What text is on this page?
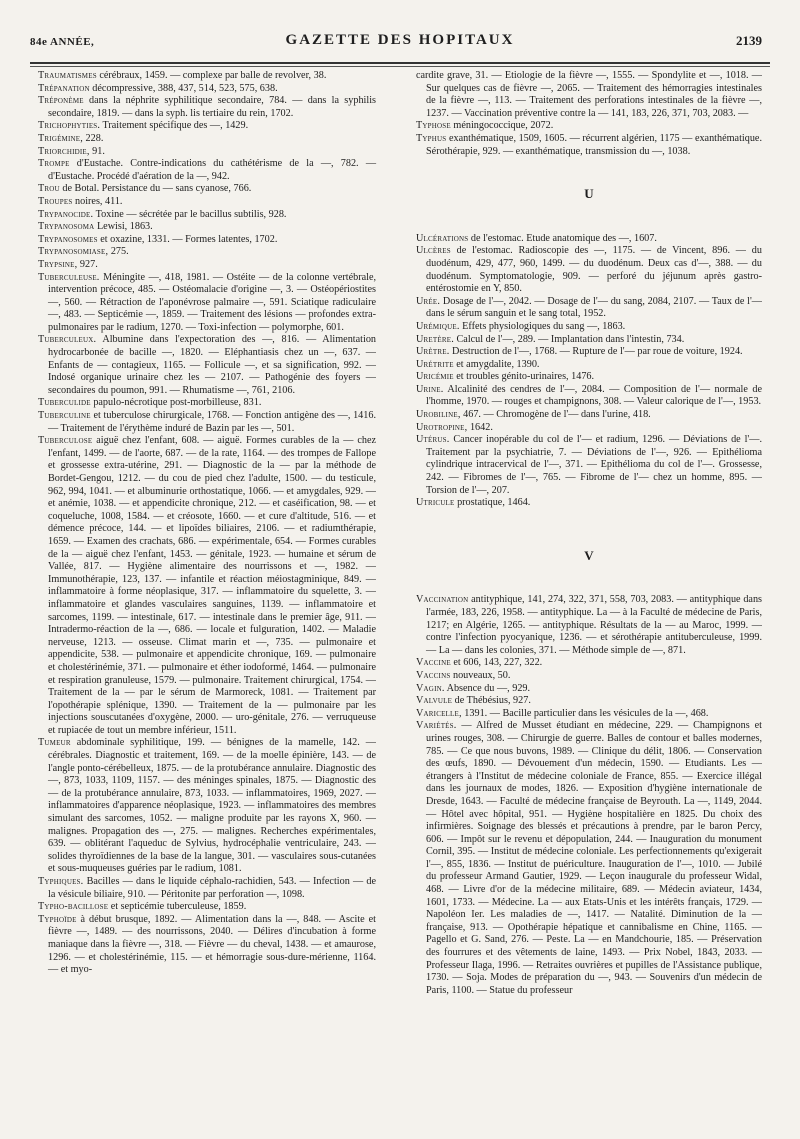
84e ANNÉE,	GAZETTE DES HOPITAUX	2139

Traumatismes cérébraux, 1459. — complexe par balle de revolver, 38.

Trépanation décompressive, 388, 437, 514, 523, 575, 638.

Tréponème dans la néphrite syphilitique secondaire, 784. — dans la syphilis secondaire, 1819. — dans la syph. lis tertiaire du rein, 1702.

Trichophyties. Traitement spécifique des —, 1429.

Trigémine, 228.

Triorchidie, 91.

Trompe d'Eustache. Contre-indications du cathétérisme de la —, 782. — d'Eustache. Procédé d'aération de la —, 942.

Trou de Botal. Persistance du — sans cyanose, 766.

Troupes noires, 411.

Trypanocide. Toxine — sécrétée par le bacillus subtilis, 928.

Trypanosoma Lewisi, 1863.

Trypanosomes et oxazine, 1331. — Formes latentes, 1702.

Trypanosomiase, 275.

Trypsine, 927.

Tuberculeuse. Méningite —, 418, 1981. — Ostéite — de la colonne vertébrale, intervention précoce, 485. — Ostéomalacie d'origine —, 3. — Ostéopériostites —, 560. — Rétraction de l'aponévrose palmaire —, 591. Sciatique radiculaire —, 483. — Septicémie —, 1859. — Traitement des lésions — profondes extra-pulmonaires par le radium, 1270. — Toxi-infection — polymorphe, 601.

Tuberculeux. Albumine dans l'expectoration des —, 816. — Alimentation hydrocarbonée de bacille —, 1820. — Eléphantiasis chez un —, 637. — Enfants de — contagieux, 1165. — Follicule —, et sa signification, 992. — Indosé organique urinaire chez les — 2107. — Pathogénie des foyers — secondaires du poumon, 991. — Rhumatisme —, 761, 2106.

Tuberculide papulo-nécrotique post-morbilleuse, 831.

Tuberculine et tuberculose chirurgicale, 1768. — Fonction antigène des —, 1416. — Traitement de l'érythème induré de Bazin par les —, 501.

Tuberculose aiguë chez l'enfant, 608. — aiguë. Formes curables de la — chez l'enfant, 1499. — de l'aorte, 687. — de la rate, 1164. — des trompes de Fallope et grossesse extra-utérine, 291. — Diagnostic de la — par la méthode de Bordet-Gengou, 1212. — du cou de pied chez l'adulte, 1500. — du testicule, 962, 994, 1041. — et albuminurie orthostatique, 1066. — et amygdales, 929. — et anémie, 1038. — et appendicite chronique, 212. — et caséification, 98. — et coqueluche, 1008, 1584. — et créosote, 1660. — et cure d'altitude, 516. — et démence précoce, 144. — et lipoïdes biliaires, 2106. — et radiumthérapie, 1659. — Examen des crachats, 686. — expérimentale, 654. — Formes curables de la — aiguë chez l'enfant, 1453. — génitale, 1923. — humaine et sérum de Vallée, 817. — Hygiène alimentaire des nourrissons et —, 1982. — Immunothérapie, 123, 137. — infantile et réaction méiostagminique, 849. — inflammatoire à forme néoplasique, 317. — inflammatoire du squelette, 3. — inflammatoire et glandes vasculaires sanguines, 1139. — inflammatoire et sarcomes, 1199. — intestinale, 617. — intestinale dans le premier âge, 911. — Intradermo-réaction de la —, 686. — locale et fulguration, 1402. — Maladie nerveuse, 1213. — osseuse. Climat marin et —, 735. — pulmonaire et appendicite, 538. — pulmonaire et appendicite chronique, 169. — pulmonaire et cholestérinémie, 371. — pulmonaire et éther iodoformé, 1464. — pulmonaire et respiration granuleuse, 1579. — pulmonaire. Traitement chirurgical, 1754. — Traitement de la — par le sérum de Marmoreck, 1081. — Traitement par l'opothérapie splénique, 1390. — Traitement de la — pulmonaire par les injections souscutanées d'oxygène, 2000. — uro-génitale, 276. — verruqueuse et rupiacée de tout un membre inférieur, 1511.

Tumeur abdominale syphilitique, 199. — bénignes de la mamelle, 142. — cérébrales. Diagnostic et traitement, 169. — de la moelle épinière, 143. — de l'angle ponto-cérébelleux, 1875. — de la protubérance annulaire. Diagnostic des —, 873, 1033, 1109, 1157. — des méninges spinales, 1875. — Diagnostic des — de la protubérance annulaire, 873, 1033. — inflammatoires, 1969, 2027. — inflammatoires d'apparence néoplasique, 1923. — inflammatoires des membres simulant des sarcomes, 1052. — maligne produite par les rayons X, 960. — malignes. Propagation des —, 275. — malignes. Recherches expérimentales, 639. — oblitérant l'aqueduc de Sylvius, hydrocéphalie ventriculaire, 243. — solides thyroïdiennes de la base de la langue, 301. — vasculaires sous-cutanées et sous-muqueuses guéries par le radium, 1081.

Typhiques. Bacilles — dans le liquide céphalo-rachidien, 543. — Infection — de la vésicule biliaire, 910. — Péritonite par perforation —, 1098.

Typho-bacillose et septicémie tuberculeuse, 1859.

Typhoïde à début brusque, 1892. — Alimentation dans la —, 848. — Ascite et fièvre —, 1489. — des nourrissons, 2040. — Délires d'incubation à forme maniaque dans la fièvre —, 318. — Fièvre — du cheval, 1438. — et amaurose, 1296. — et cholestérinémie, 115. — et hémorragie sous-dure-mérienne, 1164. — et myo-

cardite grave, 31. — Etiologie de la fièvre —, 1555. — Spondylite et —, 1018. — Sur quelques cas de fièvre —, 2065. — Traitement des hémorragies intestinales de la fièvre —, 113. — Traitement des perforations intestinales de la fièvre —, 1237. — Vaccination préventive contre la — 141, 183, 226, 371, 703, 2083. —

Typhose méningococcique, 2072.

Typhus exanthématique, 1509, 1605. — récurrent algérien, 1175 — exanthématique. Sérothérapie, 929. — exanthématique, transmission du —, 1038.

U

Ulcérations de l'estomac. Etude anatomique des —, 1607.

Ulcères de l'estomac. Radioscopie des —, 1175. — de Vincent, 896. — du duodénum, 429, 477, 960, 1499. — du duodénum. Deux cas d'—, 388. — du duodénum. Symptomatologie, 909. — perforé du jéjunum après gastro-entérostomie en Y, 850.

Urée. Dosage de l'—, 2042. — Dosage de l'— du sang, 2084, 2107. — Taux de l'— dans le sérum sanguin et le sang total, 1952.

Urémique. Effets physiologiques du sang —, 1863.

Uretère. Calcul de l'—, 289. — Implantation dans l'intestin, 734.

Urètre. Destruction de l'—, 1768. — Rupture de l'— par roue de voiture, 1924.

Urétrite et amygdalite, 1390.

Uricémie et troubles génito-urinaires, 1476.

Urine. Alcalinité des cendres de l'—, 2084. — Composition de l'— normale de l'homme, 1970. — rouges et champignons, 308. — Valeur calorique de l'—, 1953.

Urobiline, 467. — Chromogène de l'— dans l'urine, 418.

Urotropine, 1642.

Utérus. Cancer inopérable du col de l'— et radium, 1296. — Déviations de l'—. Traitement par la psychiatrie, 7. — Déviations de l'—, 926. — Epithélioma cylindrique intracervical de l'—, 371. — Epithélioma du col de l'—. Grossesse, 242. — Fibromes de l'—, 765. — Fibrome de l'— chez un homme, 895. — Torsion de l'—, 207.

Utricule prostatique, 1464.

V

Vaccination antityphique, 141, 274, 322, 371, 558, 703, 2083. — antityphique dans l'armée, 183, 226, 1958. — antityphique. La — à la Faculté de médecine de Paris, 1217; en Algérie, 1265. — antityphique. Résultats de la — au Maroc, 1999. — contre l'infection pyocyanique, 1236. — et sérothérapie antituberculeuse, 1999. — La — dans les colonies, 371. — Méthode simple de —, 871.

Vaccine et 606, 143, 227, 322.

Vaccins nouveaux, 50.

Vagin. Absence du —, 929.

Valvule de Thébésius, 927.

Varicelle, 1391. — Bacille particulier dans les vésicules de la —, 468.

Variétés. — Alfred de Musset étudiant en médecine, 229. — Champignons et urines rouges, 308. — Chirurgie de guerre. Balles de contour et balles modernes, 785. — Ce que nous buvons, 1989. — Clinique du délit, 1806. — Conservation des œufs, 1890. — Dévouement d'un médecin, 1590. — Etudiants. Les — étrangers à l'Institut de médecine coloniale de France, 855. — Exercice illégal dans les journaux de modes, 1826. — Exposition d'hygiène internationale de Dresde, 1643. — Faculté de médecine française de Beyrouth. La —, 1149, 2044. — Hôtel avec hôpital, 951. — Hygiène hospitalière en 1825. Du choix des infirmières. Soignage des blessés et précautions à prendre, par le baron Percy, 606. — Impôt sur le revenu et dépopulation, 244. — Inauguration du monument Cornil, 395. — Institut de médecine coloniale. Les perfectionnements qu'exigerait l'—, 855, 1836. — Institut de puériculture. Inauguration de l'—, 1010. — Jubilé du professeur Armand Gautier, 1929. — Leçon inaugurale du professeur Widal, 468. — Livre d'or de la médecine militaire, 689. — Médecin aviateur, 1434, 1601, 1733. — Médecine. La — aux Etats-Unis et les intérêts français, 1729. — Napoléon Ier. Les maladies de —, 1417. — Natalité. Diminution de la — française, 913. — Opothérapie hépatique et cannibalisme en Chine, 1165. — Pagello et G. Sand, 276. — Peste. La — en Mandchourie, 185. — Préservation des fourrures et des vêtements de laine, 1493. — Prix Nobel, 1843, 2033. — Professeur Ilaga, 1996. — Retraites ouvrières et pupilles de l'Assistance publique, 1730. — Soja. Modes de préparation du —, 943. — Souvenirs d'un médecin de Paris, 1100. — Statue du professeur
